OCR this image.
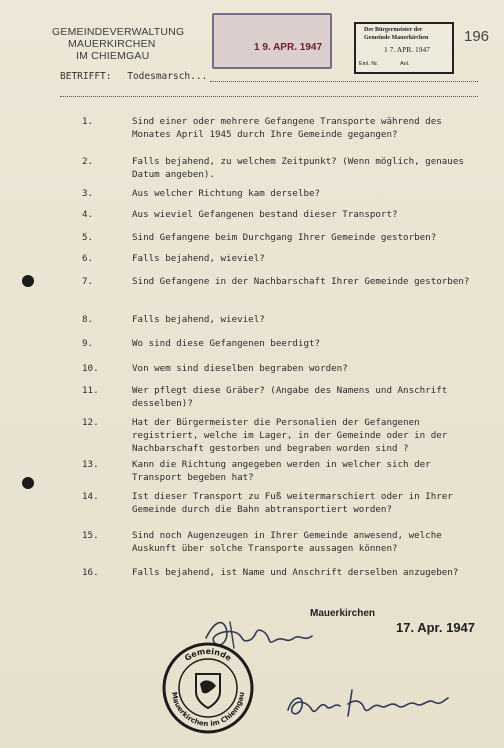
GEMEINDEVERWALTUNG
MAUERKIRCHEN
IM CHIEMGAU
1 9. APR. 1947
Der Bürgermeister der
Gemeinde Mauerkirchen
1 7. APR. 1947
Einl. Nr.	Anl.
196
BETRIFFT: Todesmarsch...
1.	Sind einer oder mehrere Gefangene Transporte während des Monates April 1945 durch Ihre Gemeinde gegangen?
2.	Falls bejahend, zu welchem Zeitpunkt? (Wenn möglich, genaues Datum angeben).
3.	Aus welcher Richtung kam derselbe?
4.	Aus wieviel Gefangenen bestand dieser Transport?
5.	Sind Gefangene beim Durchgang Ihrer Gemeinde gestorben?
6.	Falls bejahend, wieviel?
7.	Sind Gefangene in der Nachbarschaft Ihrer Gemeinde gestorben?
8.	Falls bejahend, wieviel?
9.	Wo sind diese Gefangenen beerdigt?
10.	Von wem sind dieselben begraben worden?
11.	Wer pflegt diese Gräber? (Angabe des Namens und Anschrift desselben)?
12.	Hat der Bürgermeister die Personalien der Gefangenen registriert, welche im Lager, in der Gemeinde oder in der Nachbarschaft gestorben und begraben worden sind ?
13.	Kann die Richtung angegeben werden in welcher sich der Transport begeben hat?
14.	Ist dieser Transport zu Fuß weitermarschiert oder in Ihrer Gemeinde durch die Bahn abtransportiert worden?
15.	Sind noch Augenzeugen in Ihrer Gemeinde anwesend, welche Auskunft über solche Transporte aussagen können?
16.	Falls bejahend, ist Name und Anschrift derselben anzugeben?
Mauerkirchen
17. Apr. 1947
Gemeinde
Mauerkirchen im Chiemgau
